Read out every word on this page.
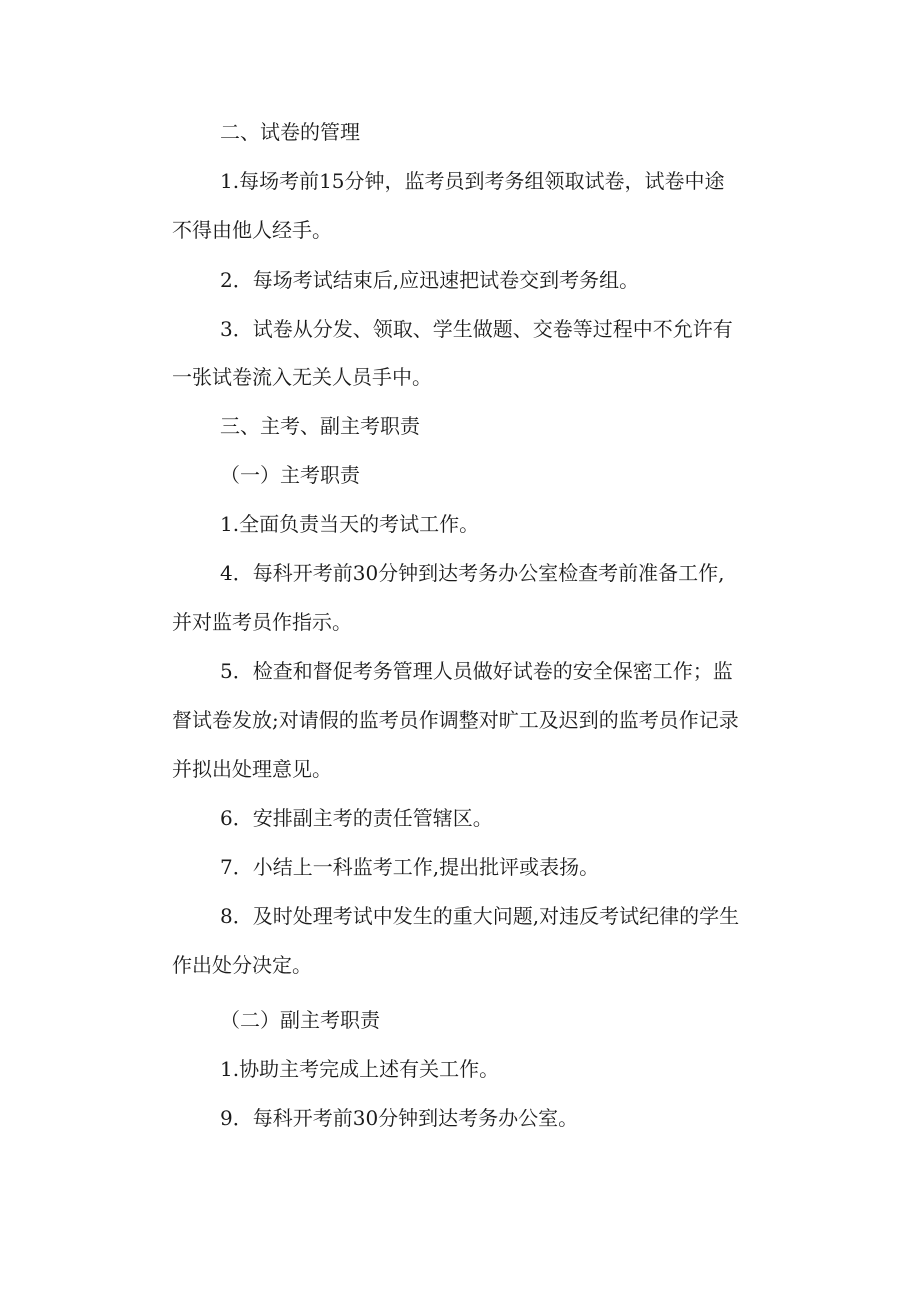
二、试卷的管理

1.每场考前15分钟，监考员到考务组领取试卷，试卷中途

不得由他人经手。

2．每场考试结束后,应迅速把试卷交到考务组。

3．试卷从分发、领取、学生做题、交卷等过程中不允许有

一张试卷流入无关人员手中。

三、主考、副主考职责

（一）主考职责

1.全面负责当天的考试工作。

4．每科开考前30分钟到达考务办公室检查考前准备工作,

并对监考员作指示。

5．检查和督促考务管理人员做好试卷的安全保密工作；监

督试卷发放;对请假的监考员作调整对旷工及迟到的监考员作记录

并拟出处理意见。

6．安排副主考的责任管辖区。

7．小结上一科监考工作,提出批评或表扬。

8．及时处理考试中发生的重大问题,对违反考试纪律的学生

作出处分决定。

（二）副主考职责

1.协助主考完成上述有关工作。

9．每科开考前30分钟到达考务办公室。
